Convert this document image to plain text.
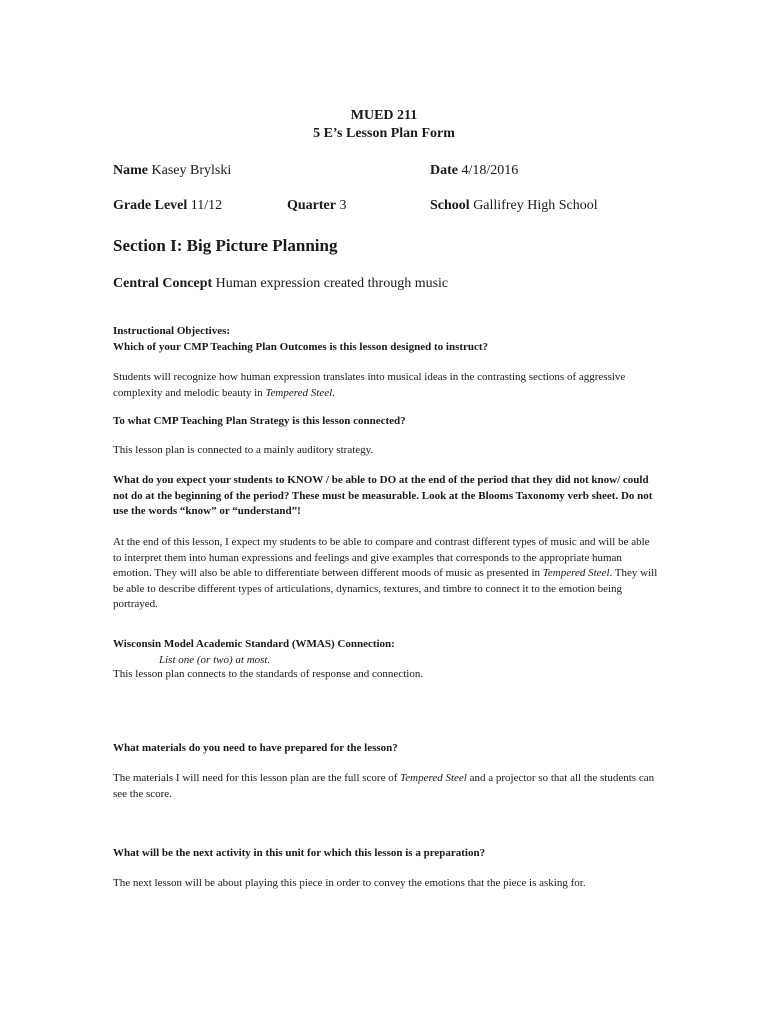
MUED 211
5 E’s Lesson Plan Form
Name Kasey Brylski	Date 4/18/2016
Grade Level 11/12	Quarter 3	School Gallifrey High School
Section I: Big Picture Planning
Central Concept Human expression created through music
Instructional Objectives:
Which of your CMP Teaching Plan Outcomes is this lesson designed to instruct?
Students will recognize how human expression translates into musical ideas in the contrasting sections of aggressive complexity and melodic beauty in Tempered Steel.
To what CMP Teaching Plan Strategy is this lesson connected?
This lesson plan is connected to a mainly auditory strategy.
What do you expect your students to KNOW / be able to DO at the end of the period that they did not know/ could not do at the beginning of the period? These must be measurable. Look at the Blooms Taxonomy verb sheet. Do not use the words “know” or “understand”!
At the end of this lesson, I expect my students to be able to compare and contrast different types of music and will be able to interpret them into human expressions and feelings and give examples that corresponds to the appropriate human emotion. They will also be able to differentiate between different moods of music as presented in Tempered Steel. They will be able to describe different types of articulations, dynamics, textures, and timbre to connect it to the emotion being portrayed.
Wisconsin Model Academic Standard (WMAS) Connection:
List one (or two) at most.
This lesson plan connects to the standards of response and connection.
What materials do you need to have prepared for the lesson?
The materials I will need for this lesson plan are the full score of Tempered Steel and a projector so that all the students can see the score.
What will be the next activity in this unit for which this lesson is a preparation?
The next lesson will be about playing this piece in order to convey the emotions that the piece is asking for.
